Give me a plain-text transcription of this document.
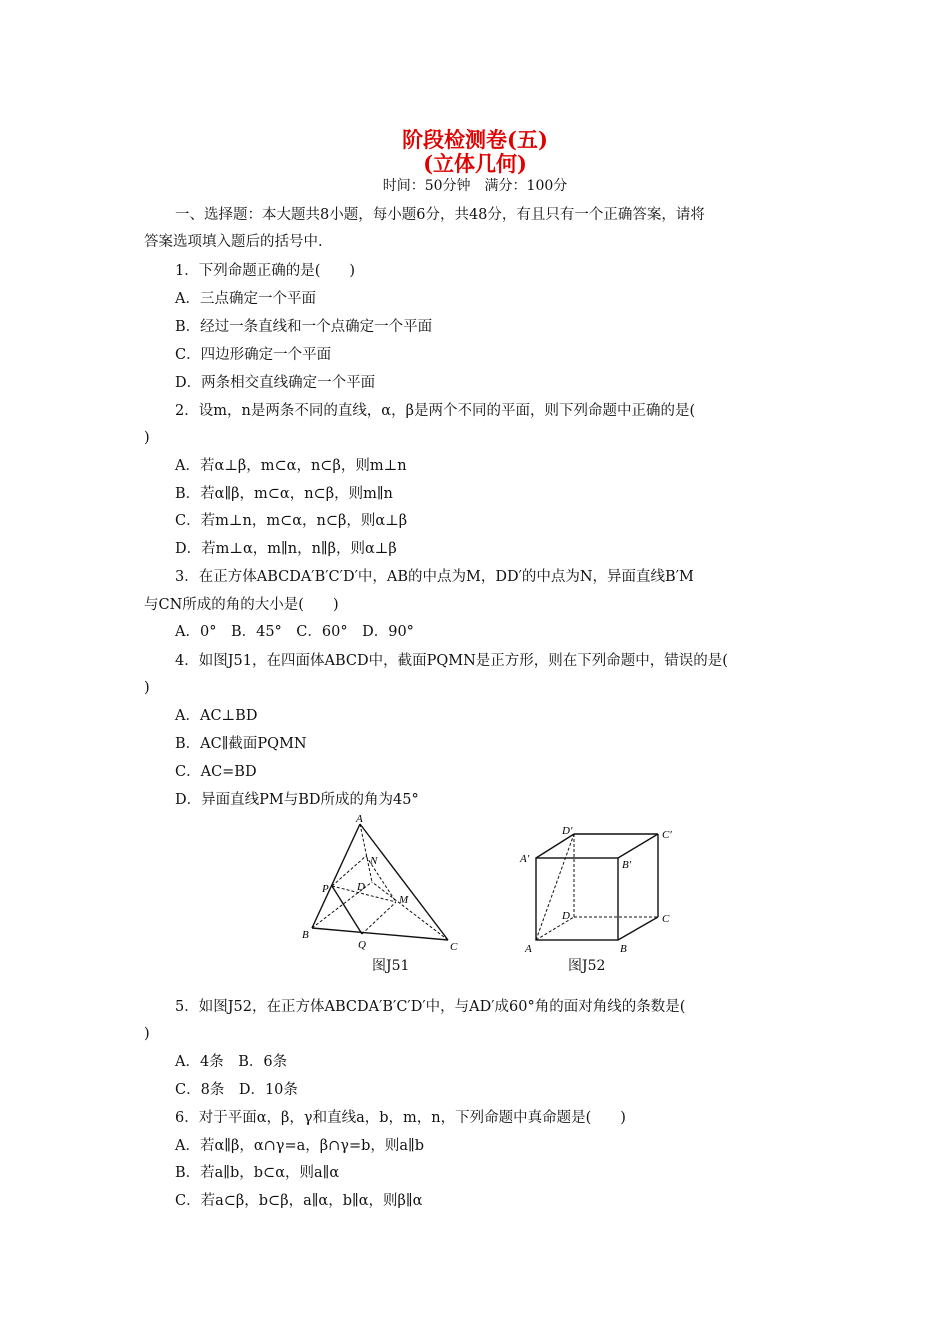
阶段检测卷(五)
(立体几何)
时间：50分钟　满分：100分
一、选择题：本大题共8小题，每小题6分，共48分，有且只有一个正确答案，请将
答案选项填入题后的括号中.
1．下列命题正确的是(　　)
A．三点确定一个平面
B．经过一条直线和一个点确定一个平面
C．四边形确定一个平面
D．两条相交直线确定一个平面
2．设m，n是两条不同的直线，α，β是两个不同的平面，则下列命题中正确的是(
)
A．若α⊥β，m⊂α，n⊂β，则m⊥n
B．若α∥β，m⊂α，n⊂β，则m∥n
C．若m⊥n，m⊂α，n⊂β，则α⊥β
D．若m⊥α，m∥n，n∥β，则α⊥β
3．在正方体ABCDA′B′C′D′中，AB的中点为M，DD′的中点为N，异面直线B′M
与CN所成的角的大小是(　　)
A．0°　B．45°　C．60°　D．90°
4．如图J51，在四面体ABCD中，截面PQMN是正方形，则在下列命题中，错误的是(
)
A．AC⊥BD
B．AC∥截面PQMN
C．AC=BD
D．异面直线PM与BD所成的角为45°
A
B
C
D
P
Q
M
N
图J51
A	B
C
D
A′	B′
C′
D′
图J52
5．如图J52，在正方体ABCDA′B′C′D′中，与AD′成60°角的面对角线的条数是(
)
A．4条　B．6条
C．8条　D．10条
6．对于平面α，β，γ和直线a，b，m，n，下列命题中真命题是(　　)
A．若α∥β，α∩γ=a，β∩γ=b，则a∥b
B．若a∥b，b⊂α，则a∥α
C．若a⊂β，b⊂β，a∥α，b∥α，则β∥α
